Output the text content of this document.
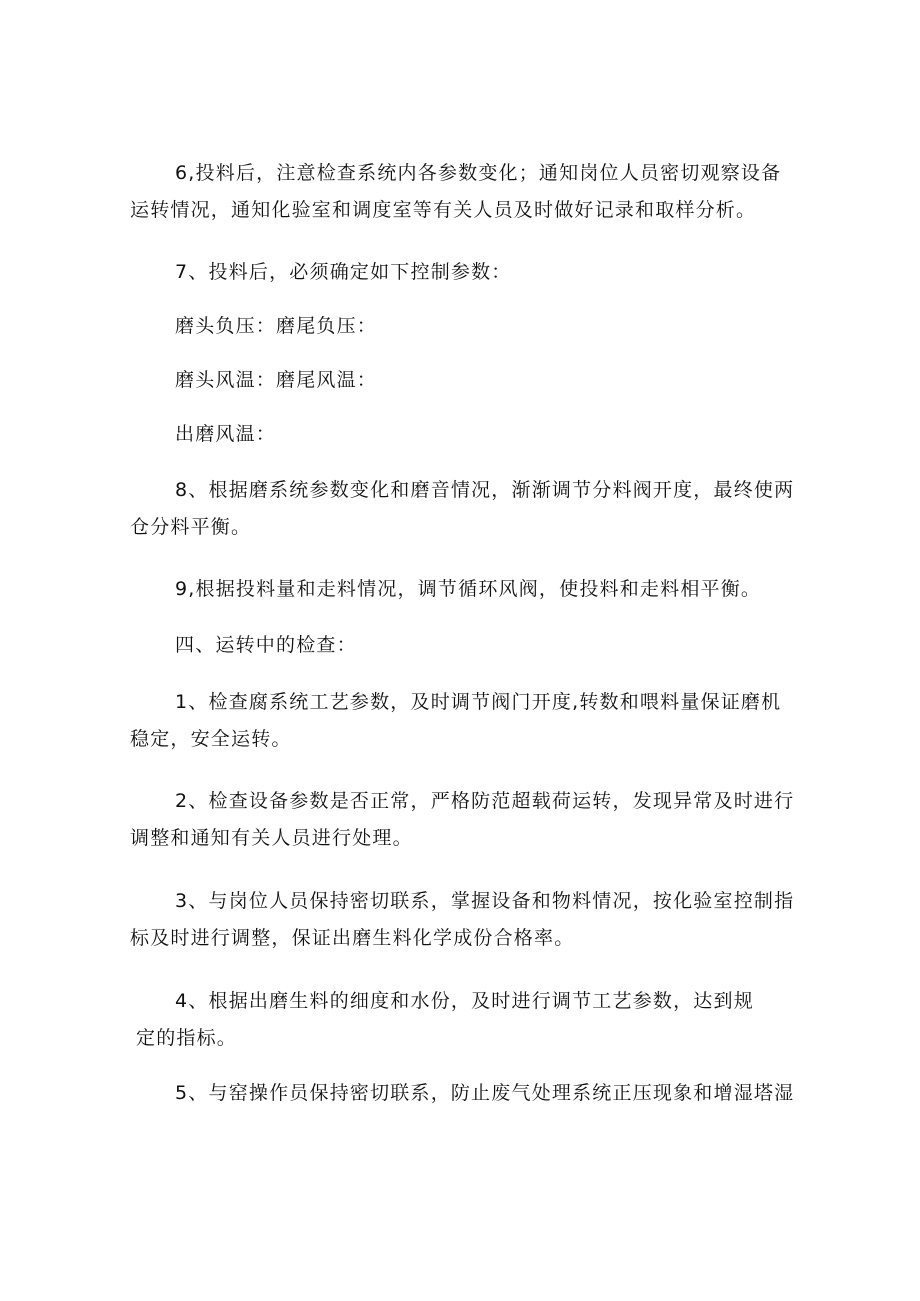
6,投料后，注意检查系统内各参数变化；通知岗位人员密切观察设备
运转情况，通知化验室和调度室等有关人员及时做好记录和取样分析。

7、投料后，必须确定如下控制参数：

磨头负压：磨尾负压：

磨头风温：磨尾风温：

出磨风温：

8、根据磨系统参数变化和磨音情况，渐渐调节分料阀开度，最终使两
仓分料平衡。

9,根据投料量和走料情况，调节循环风阀，使投料和走料相平衡。

四、运转中的检查：

1、检查腐系统工艺参数，及时调节阀门开度,转数和喂料量保证磨机
稳定，安全运转。

2、检查设备参数是否正常，严格防范超载荷运转，发现异常及时进行
调整和通知有关人员进行处理。

3、与岗位人员保持密切联系，掌握设备和物料情况，按化验室控制指
标及时进行调整，保证出磨生料化学成份合格率。

4、根据出磨生料的细度和水份，及时进行调节工艺参数，达到规
定的指标。

5、与窑操作员保持密切联系，防止废气处理系统正压现象和增湿塔湿
